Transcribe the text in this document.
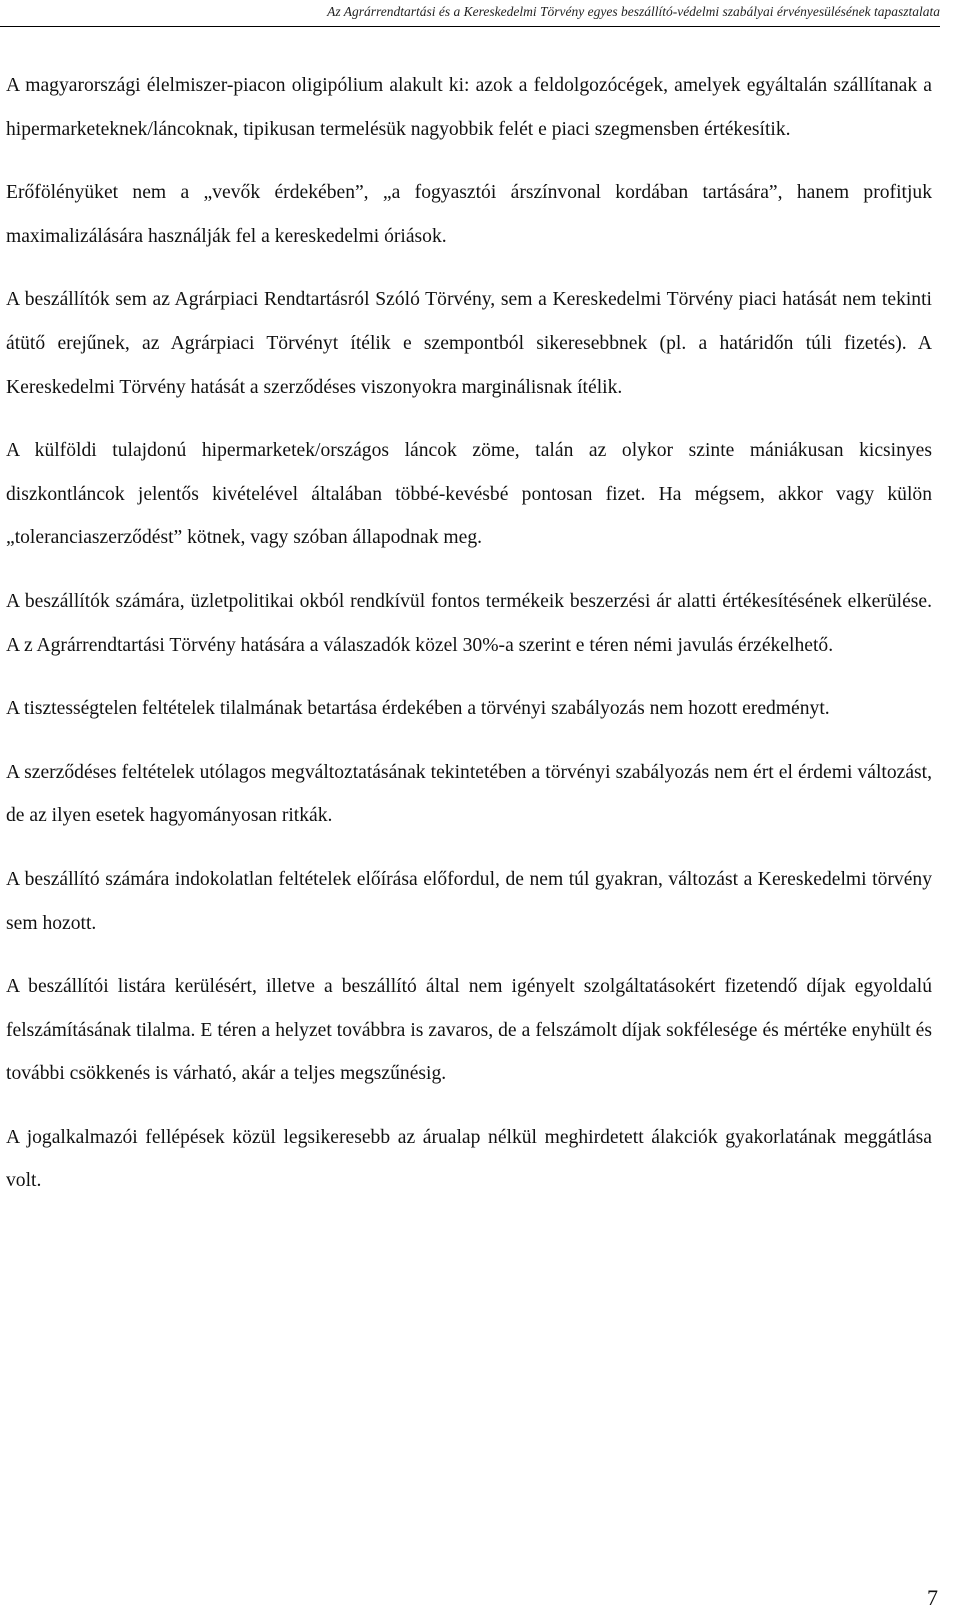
Az Agrárrendtartási és a Kereskedelmi Törvény egyes beszállító-védelmi szabályai érvényesülésének tapasztalata

A magyarországi élelmiszer-piacon oligipólium alakult ki: azok a feldolgozócégek, amelyek egyáltalán szállítanak a hipermarketeknek/láncoknak, tipikusan termelésük nagyobbik felét e piaci szegmensben értékesítik.

Erőfölényüket nem a „vevők érdekében”, „a fogyasztói árszínvonal kordában tartására”, hanem profitjuk maximalizálására használják fel a kereskedelmi óriások.

A beszállítók sem az Agrárpiaci Rendtartásról Szóló Törvény, sem a Kereskedelmi Törvény piaci hatását nem tekinti átütő erejűnek, az Agrárpiaci Törvényt ítélik e szempontból sikeresebbnek (pl. a határidőn túli fizetés). A Kereskedelmi Törvény hatását a szerződéses viszonyokra marginálisnak ítélik.

A külföldi tulajdonú hipermarketek/országos láncok zöme, talán az olykor szinte mániákusan kicsinyes diszkontláncok jelentős kivételével általában többé-kevésbé pontosan fizet. Ha mégsem, akkor vagy külön „toleranciaszerződést” kötnek, vagy szóban állapodnak meg.

A beszállítók számára, üzletpolitikai okból rendkívül fontos termékeik beszerzési ár alatti értékesítésének elkerülése. A z Agrárrendtartási Törvény hatására a válaszadók közel 30%-a szerint e téren némi javulás érzékelhető.

A tisztességtelen feltételek tilalmának betartása érdekében a törvényi szabályozás nem hozott eredményt.

A szerződéses feltételek utólagos megváltoztatásának tekintetében a törvényi szabályozás nem ért el érdemi változást, de az ilyen esetek hagyományosan ritkák.

A beszállító számára indokolatlan feltételek előírása előfordul, de nem túl gyakran, változást a Kereskedelmi törvény sem hozott.

A beszállítói listára kerülésért, illetve a beszállító által nem igényelt szolgáltatásokért fizetendő díjak egyoldalú felszámításának tilalma. E téren a helyzet továbbra is zavaros, de a felszámolt díjak sokfélesége és mértéke enyhült és további csökkenés is várható, akár a teljes megszűnésig.

A jogalkalmazói fellépések közül legsikeresebb az árualap nélkül meghirdetett álakciók gyakorlatának meggátlása volt.

7
